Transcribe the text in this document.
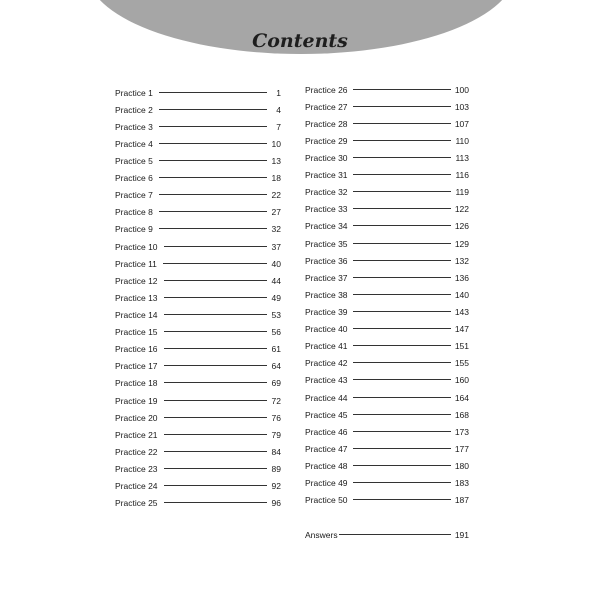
Contents
Practice 1	1
Practice 2	4
Practice 3	7
Practice 4	10
Practice 5	13
Practice 6	18
Practice 7	22
Practice 8	27
Practice 9	32
Practice 10	37
Practice 11	40
Practice 12	44
Practice 13	49
Practice 14	53
Practice 15	56
Practice 16	61
Practice 17	64
Practice 18	69
Practice 19	72
Practice 20	76
Practice 21	79
Practice 22	84
Practice 23	89
Practice 24	92
Practice 25	96
Practice 26	100
Practice 27	103
Practice 28	107
Practice 29	110
Practice 30	113
Practice 31	116
Practice 32	119
Practice 33	122
Practice 34	126
Practice 35	129
Practice 36	132
Practice 37	136
Practice 38	140
Practice 39	143
Practice 40	147
Practice 41	151
Practice 42	155
Practice 43	160
Practice 44	164
Practice 45	168
Practice 46	173
Practice 47	177
Practice 48	180
Practice 49	183
Practice 50	187
Answers	191
